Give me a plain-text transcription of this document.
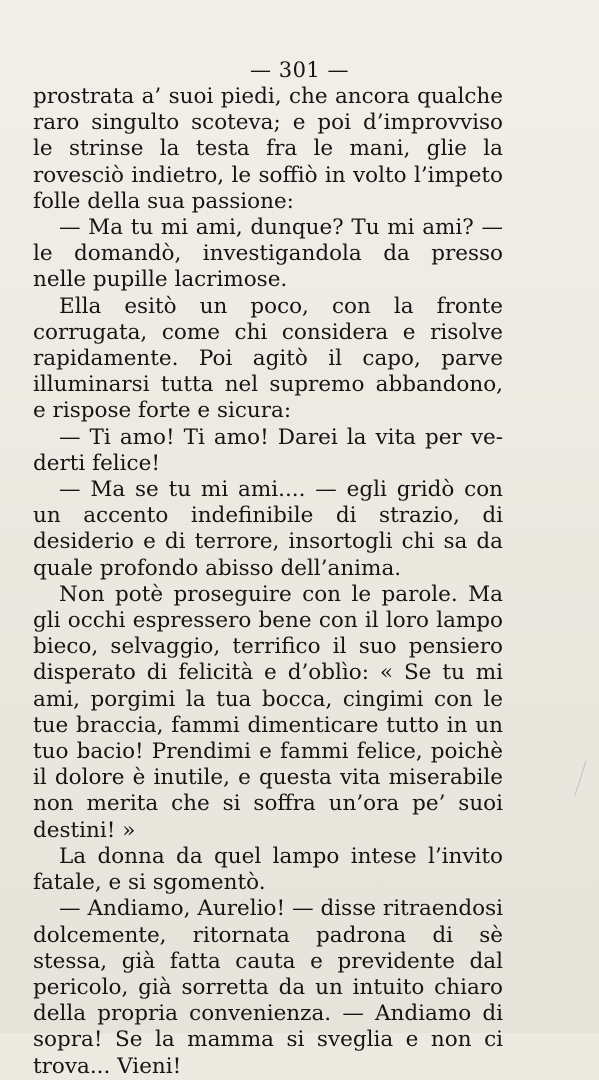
— 301 —

prostrata a’ suoi piedi, che ancora qualche raro singulto scoteva; e poi d’improvviso le strinse la testa fra le mani, glie la rovesciò indietro, le soffiò in volto l’impeto folle della sua passione:

— Ma tu mi ami, dunque? Tu mi ami? — le domandò, investigandola da presso nelle pupille lacrimose.

Ella esitò un poco, con la fronte corrugata, come chi considera e risolve rapidamente. Poi agitò il capo, parve illuminarsi tutta nel supremo abbandono, e rispose forte e sicura:

— Ti amo! Ti amo! Darei la vita per vederti felice!

— Ma se tu mi ami.... — egli gridò con un accento indefinibile di strazio, di desiderio e di terrore, insortogli chi sa da quale profondo abisso dell’anima.

Non potè proseguire con le parole. Ma gli occhi espressero bene con il loro lampo bieco, selvaggio, terrifico il suo pensiero disperato di felicità e d’oblìo: « Se tu mi ami, porgimi la tua bocca, cingimi con le tue braccia, fammi dimenticare tutto in un tuo bacio! Prendimi e fammi felice, poichè il dolore è inutile, e questa vita miserabile non merita che si soffra un’ora pe’ suoi destini! »

La donna da quel lampo intese l’invito fatale, e si sgomentò.

— Andiamo, Aurelio! — disse ritraendosi dolcemente, ritornata padrona di sè stessa, già fatta cauta e previdente dal pericolo, già sorretta da un intuito chiaro della propria convenienza. — Andiamo di sopra! Se la mamma si sveglia e non ci trova... Vieni!
